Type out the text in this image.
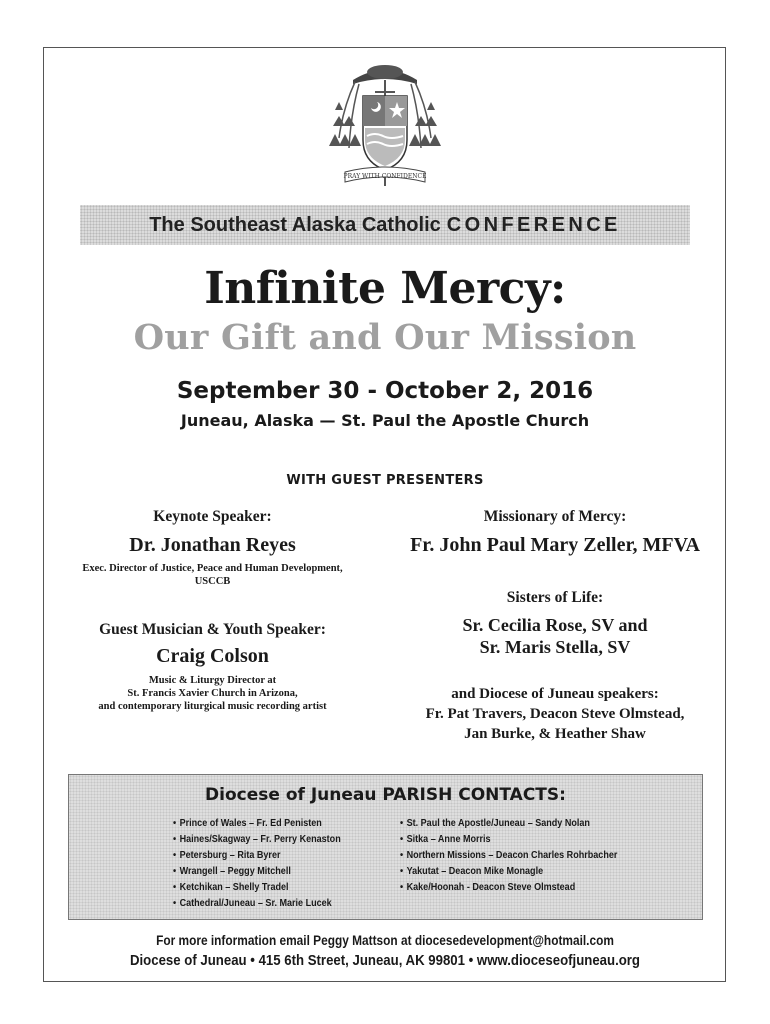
PRAY WITH CONFIDENCE
The Southeast Alaska Catholic CONFERENCE
Infinite Mercy:
Our Gift and Our Mission
September 30 - October 2, 2016
Juneau, Alaska — St. Paul the Apostle Church
WITH GUEST PRESENTERS
Keynote Speaker:
Dr. Jonathan Reyes
Exec. Director of Justice, Peace and Human Development,
USCCB
Guest Musician & Youth Speaker:
Craig Colson
Music & Liturgy Director at
St. Francis Xavier Church in Arizona,
and contemporary liturgical music recording artist
Missionary of Mercy:
Fr. John Paul Mary Zeller, MFVA
Sisters of Life:
Sr. Cecilia Rose, SV and
Sr. Maris Stella, SV
and Diocese of Juneau speakers:
Fr. Pat Travers, Deacon Steve Olmstead,
Jan Burke, & Heather Shaw
Diocese of Juneau PARISH CONTACTS:
• Prince of Wales – Fr. Ed Penisten
• Haines/Skagway – Fr. Perry Kenaston
• Petersburg – Rita Byrer
• Wrangell – Peggy Mitchell
• Ketchikan – Shelly Tradel
• Cathedral/Juneau – Sr. Marie Lucek
• St. Paul the Apostle/Juneau – Sandy Nolan
• Sitka – Anne Morris
• Northern Missions – Deacon Charles Rohrbacher
• Yakutat – Deacon Mike Monagle
• Kake/Hoonah - Deacon Steve Olmstead
For more information email Peggy Mattson at diocesedevelopment@hotmail.com
Diocese of Juneau • 415 6th Street, Juneau, AK 99801 • www.dioceseofjuneau.org
